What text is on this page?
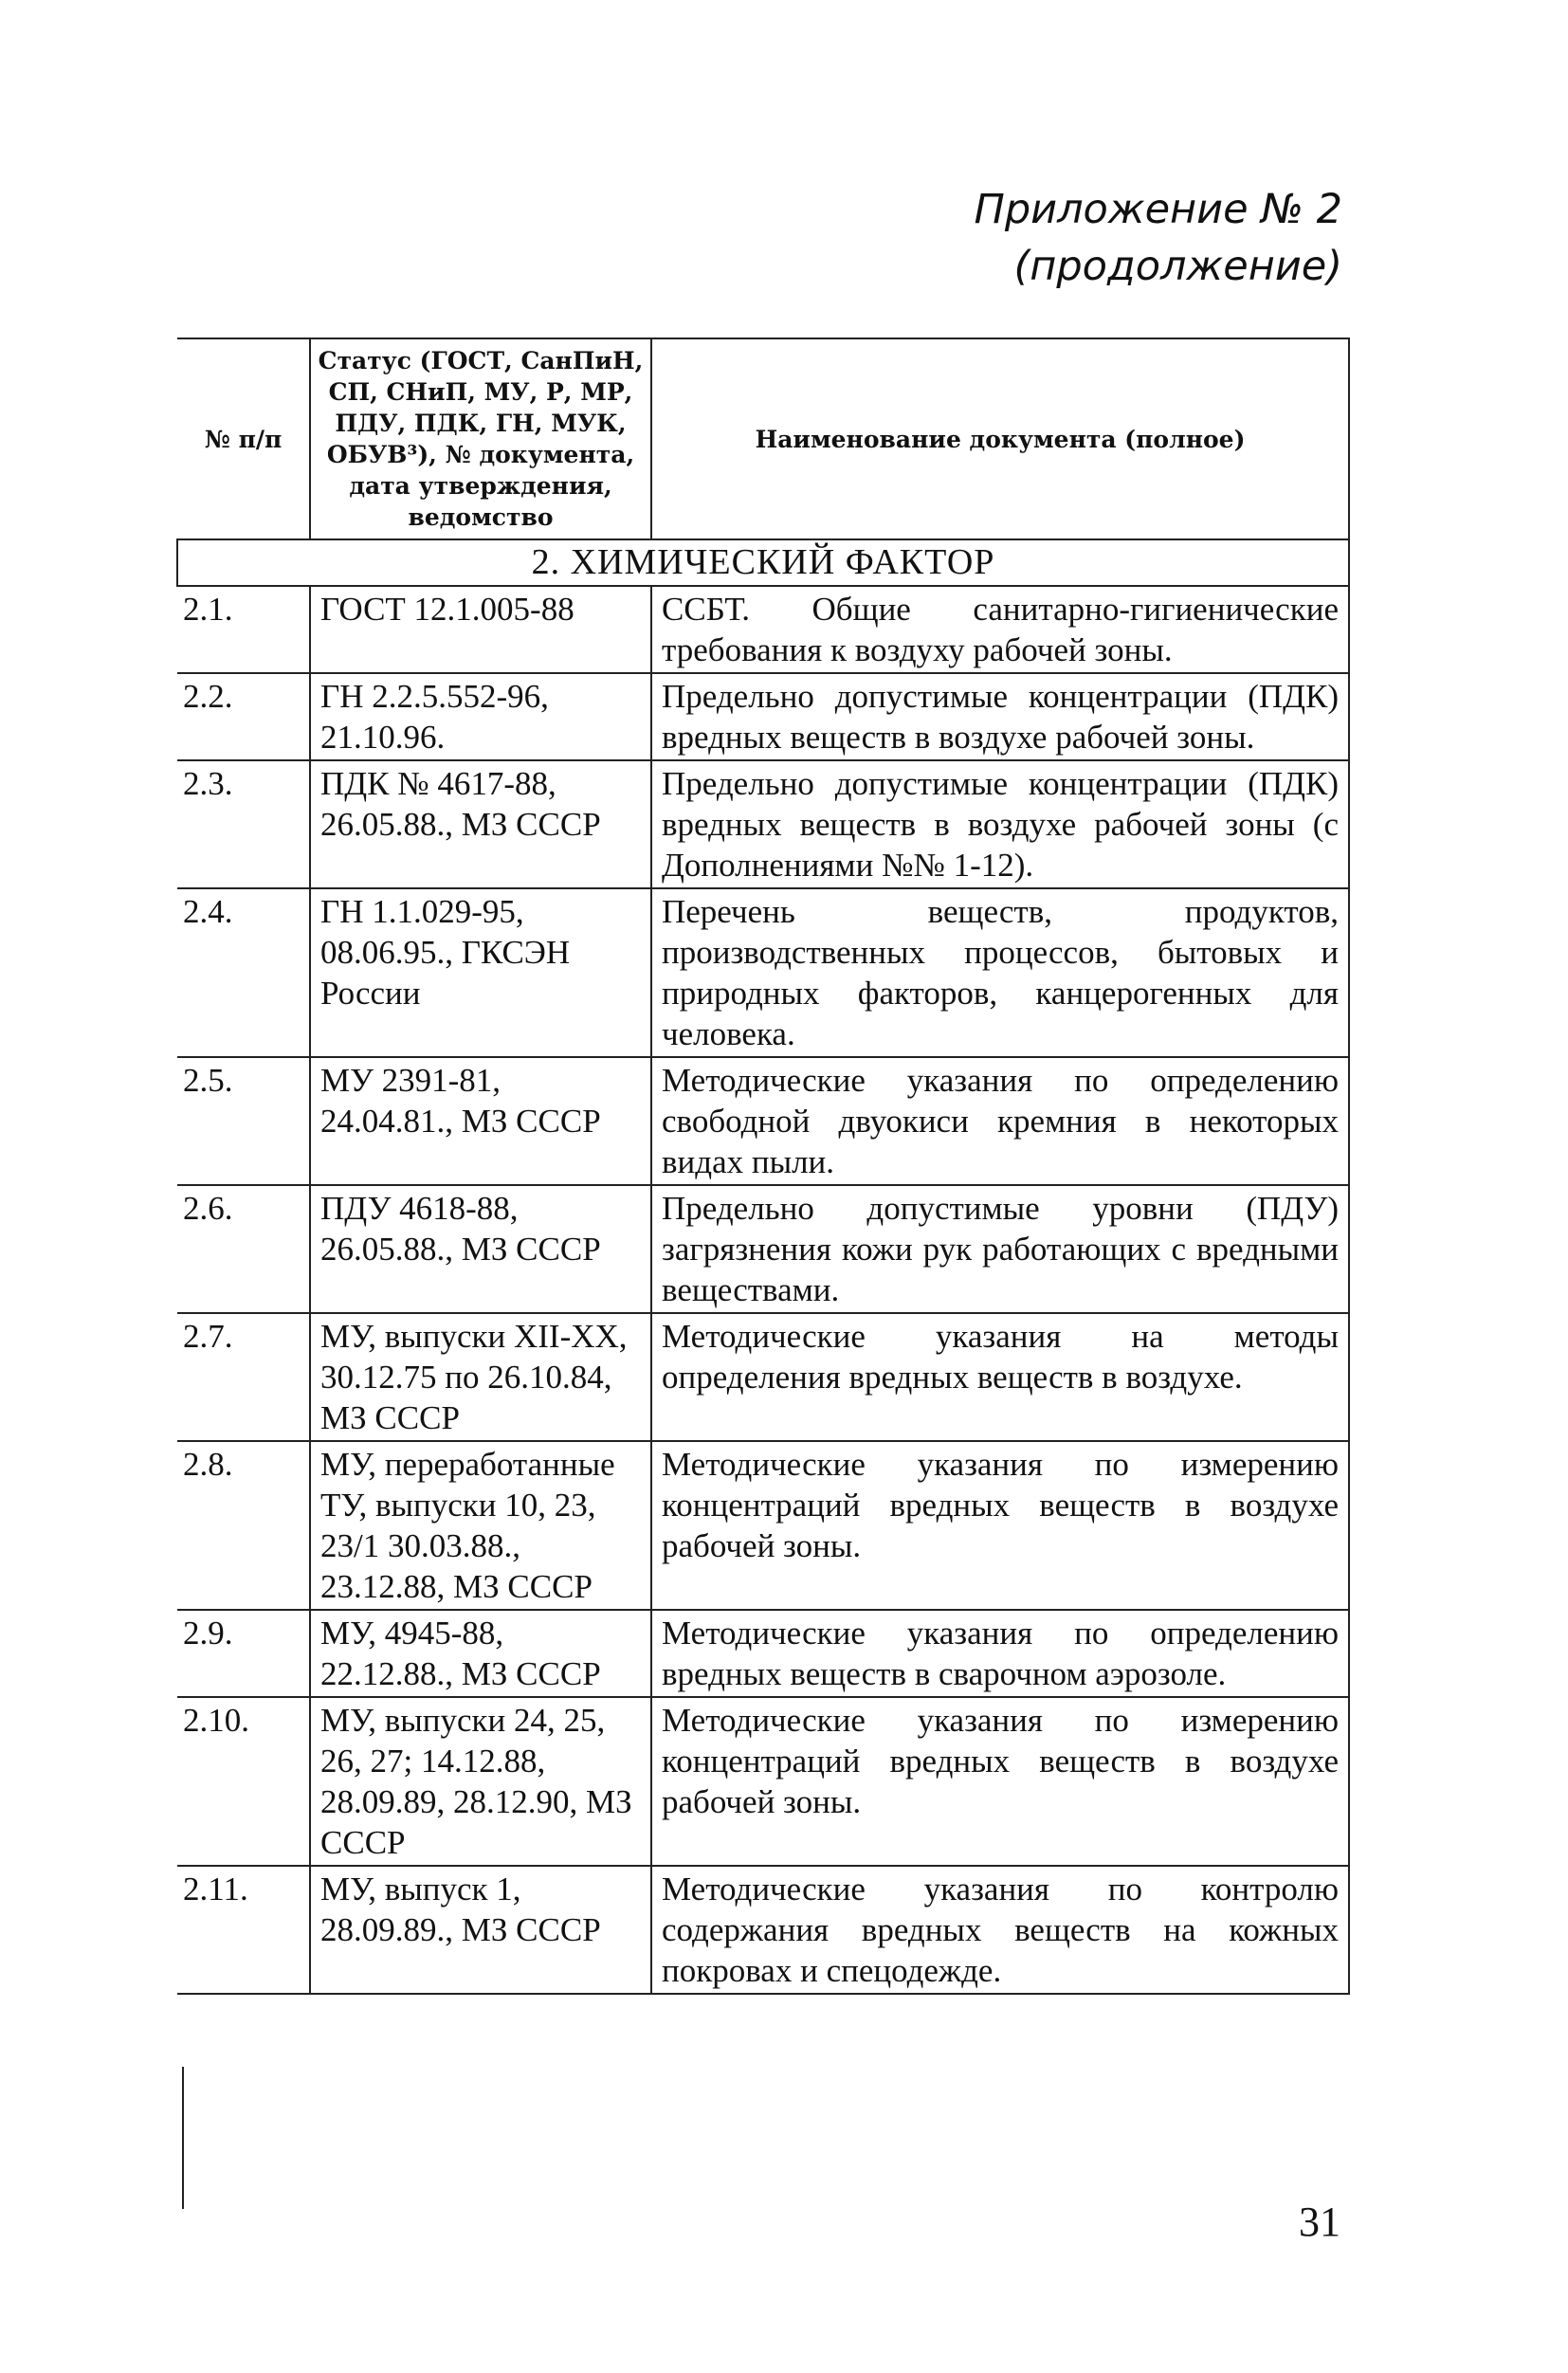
Приложение № 2
(продолжение)
№ п/п	Статус (ГОСТ, СанПиН, СП, СНиП, МУ, Р, МР, ПДУ, ПДК, ГН, МУК, ОБУВ³), № документа, дата утверждения, ведомство	Наименование документа (полное)
2. ХИМИЧЕСКИЙ ФАКТОР		
2.1.	ГОСТ 12.1.005-88	ССБТ. Общие санитарно-гигиенические требования к воздуху рабочей зоны.
2.2.	ГН 2.2.5.552-96, 21.10.96.	Предельно допустимые концентрации (ПДК) вредных веществ в воздухе рабочей зоны.
2.3.	ПДК № 4617-88, 26.05.88., МЗ СССР	Предельно допустимые концентрации (ПДК) вредных веществ в воздухе рабочей зоны (с Дополнениями №№ 1-12).
2.4.	ГН 1.1.029-95, 08.06.95., ГКСЭН России	Перечень веществ, продуктов, производственных процессов, бытовых и природных факторов, канцерогенных для человека.
2.5.	МУ 2391-81, 24.04.81., МЗ СССР	Методические указания по определению свободной двуокиси кремния в некоторых видах пыли.
2.6.	ПДУ 4618-88, 26.05.88., МЗ СССР	Предельно допустимые уровни (ПДУ) загрязнения кожи рук работающих с вредными веществами.
2.7.	МУ, выпуски XII-XX, 30.12.75 по 26.10.84, МЗ СССР	Методические указания на методы определения вредных веществ в воздухе.
2.8.	МУ, переработанные ТУ, выпуски 10, 23, 23/1 30.03.88., 23.12.88, МЗ СССР	Методические указания по измерению концентраций вредных веществ в воздухе рабочей зоны.
2.9.	МУ, 4945-88, 22.12.88., МЗ СССР	Методические указания по определению вредных веществ в сварочном аэрозоле.
2.10.	МУ, выпуски 24, 25, 26, 27; 14.12.88, 28.09.89, 28.12.90, МЗ СССР	Методические указания по измерению концентраций вредных веществ в воздухе рабочей зоны.
2.11.	МУ, выпуск 1, 28.09.89., МЗ СССР	Методические указания по контролю содержания вредных веществ на кожных покровах и спецодежде.
31
